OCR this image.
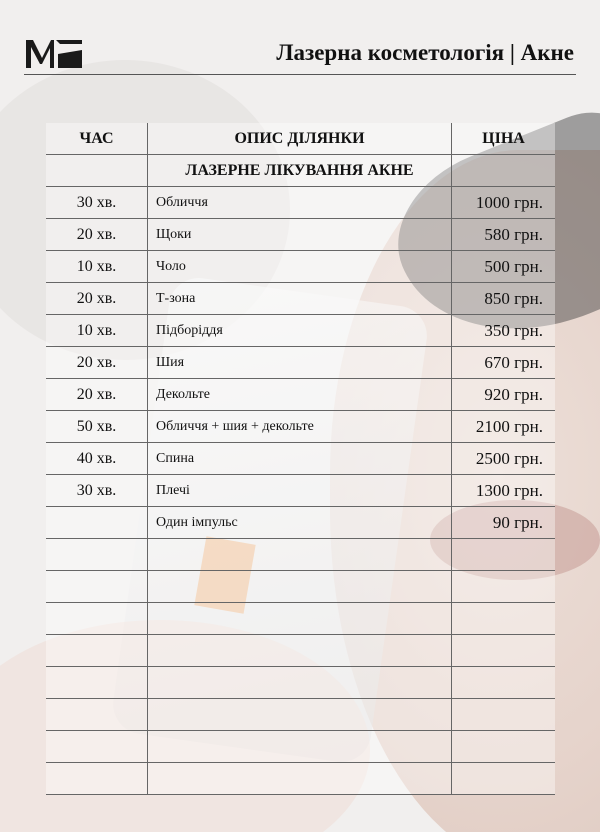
Лазерна косметологія | Акне
ЧАС	ОПИС ДІЛЯНКИ	ЦІНА
	ЛАЗЕРНЕ ЛІКУВАННЯ АКНЕ	
30 хв.	Обличчя	1000 грн.
20 хв.	Щоки	580 грн.
10 хв.	Чоло	500 грн.
20 хв.	Т-зона	850 грн.
10 хв.	Підборіддя	350 грн.
20 хв.	Шия	670 грн.
20 хв.	Декольте	920 грн.
50 хв.	Обличчя + шия + декольте	2100 грн.
40 хв.	Спина	2500 грн.
30 хв.	Плечі	1300 грн.
	Один імпульс	90 грн.
